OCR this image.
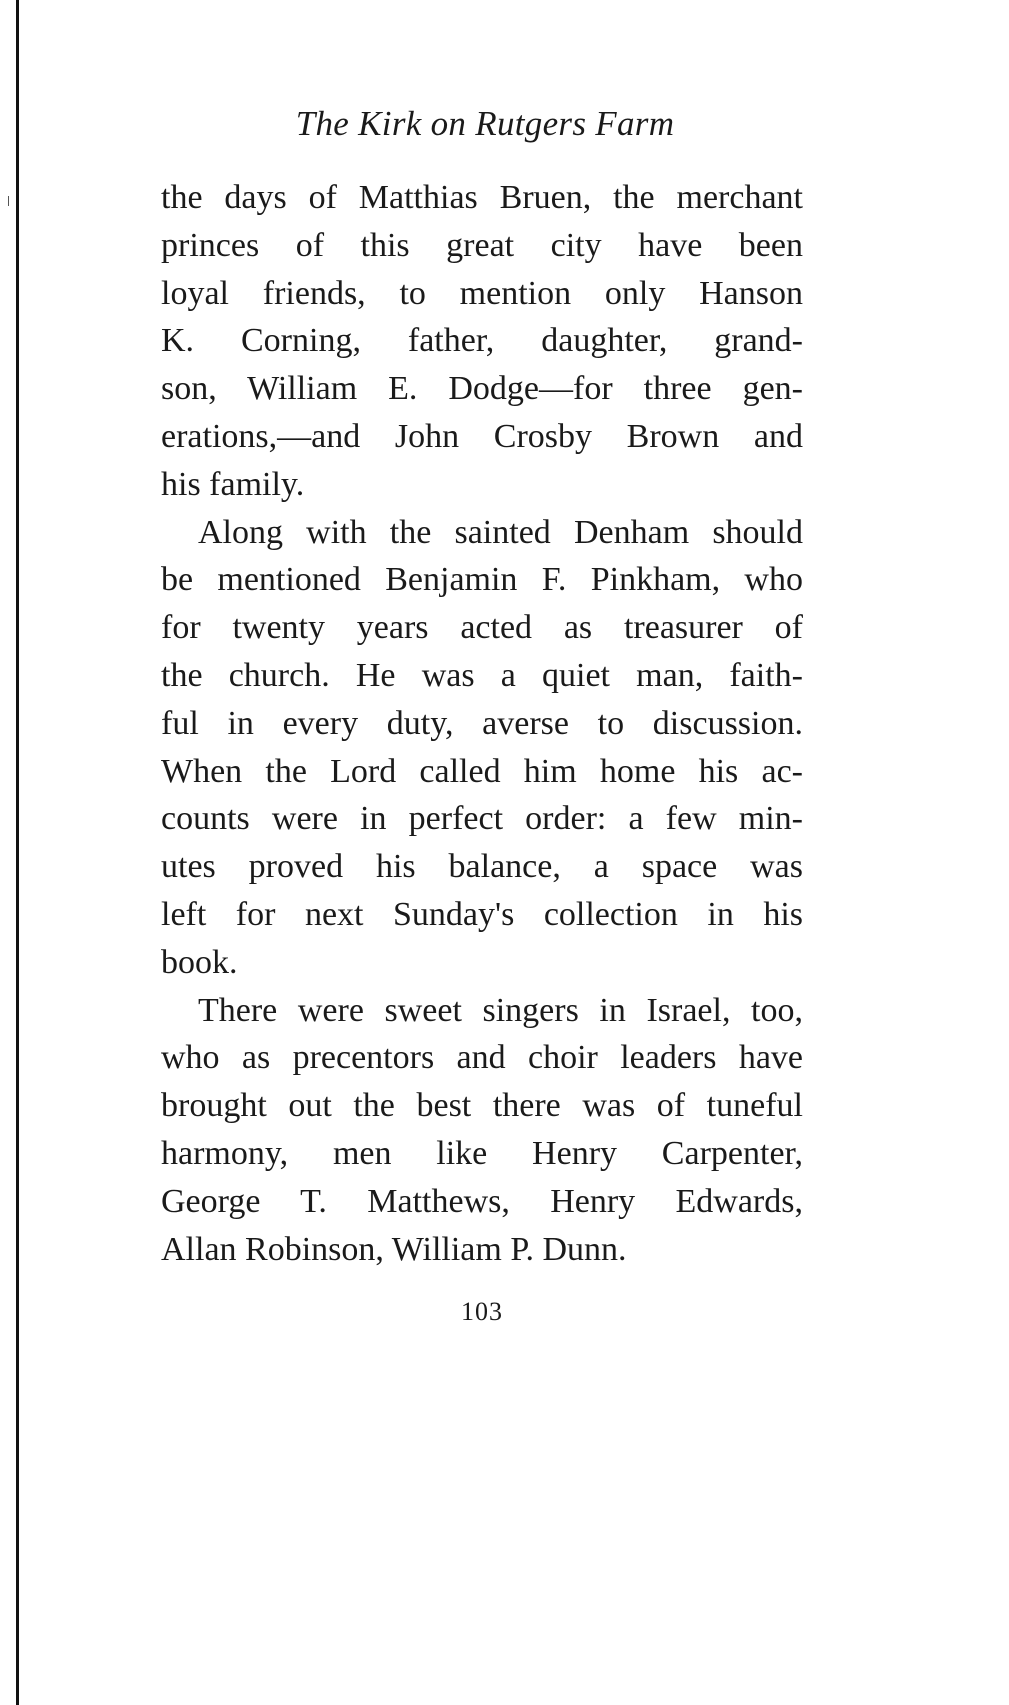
The Kirk on Rutgers Farm
the days of Matthias Bruen, the merchant
princes of this great city have been
loyal friends, to mention only Hanson
K. Corning, father, daughter, grand-
son, William E. Dodge—for three gen-
erations,—and John Crosby Brown and
his family.
Along with the sainted Denham should
be mentioned Benjamin F. Pinkham, who
for twenty years acted as treasurer of
the church. He was a quiet man, faith-
ful in every duty, averse to discussion.
When the Lord called him home his ac-
counts were in perfect order: a few min-
utes proved his balance, a space was
left for next Sunday's collection in his
book.
There were sweet singers in Israel, too,
who as precentors and choir leaders have
brought out the best there was of tuneful
harmony, men like Henry Carpenter,
George T. Matthews, Henry Edwards,
Allan Robinson, William P. Dunn.
103
